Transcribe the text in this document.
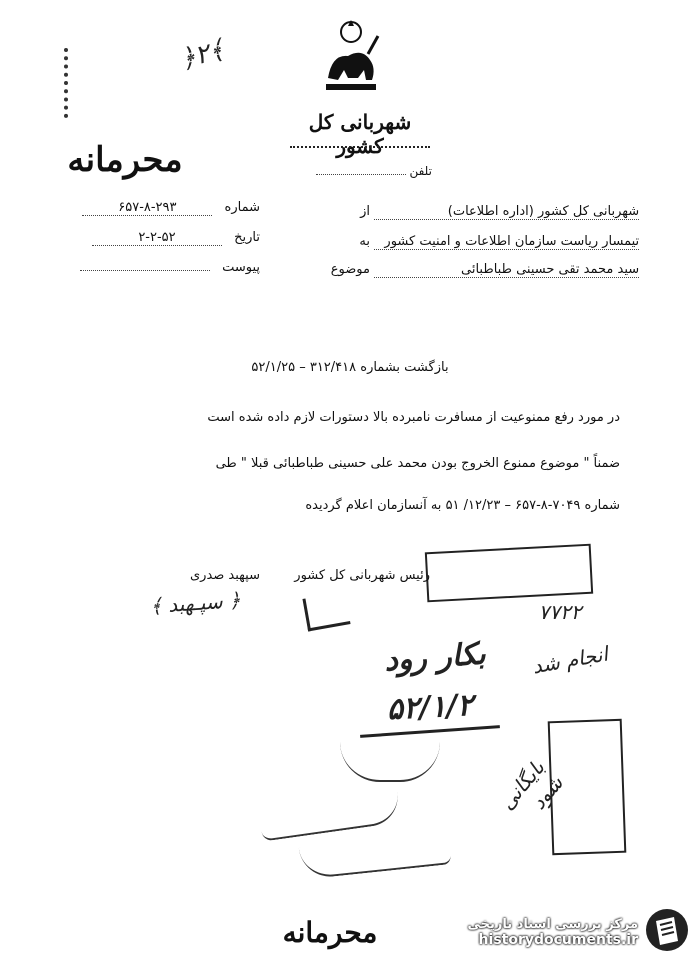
﴿٢﴾
شهربانی کل کشور
تلفن
محرمانه
شماره ۶۵۷-۸-۲۹۳
تاریخ ۲-۲-۵۲
پیوست
از	شهربانی کل کشور (اداره اطلاعات)
به تیمسار ریاست سازمان اطلاعات و امنیت کشور
موضوع	سید محمد تقی حسینی طباطبائی
بازگشت بشماره ۳۱۲/۴۱۸ – ۵۲/۱/۲۵
در مورد رفع ممنوعیت از مسافرت نامبرده بالا دستورات لازم داده شده است
ضمناً " موضوع ممنوع الخروج بودن محمد علی حسینی طباطبائی قبلا " طی
شماره ۷۰۴۹-۸-۶۵۷ – ۱۲/۲۳/ ۵۱ به آنسازمان اعلام گردیده
رئیس شهربانی کل کشور
سپهبد صدری
﴾ سپـهبد ﴿	۷۷۲۲
بکار رود
۵۲/۱/۲
انجام شد
بایگانی شود
محرمانه	مرکز بررسی اسناد تاریخی
historydocuments.ir
